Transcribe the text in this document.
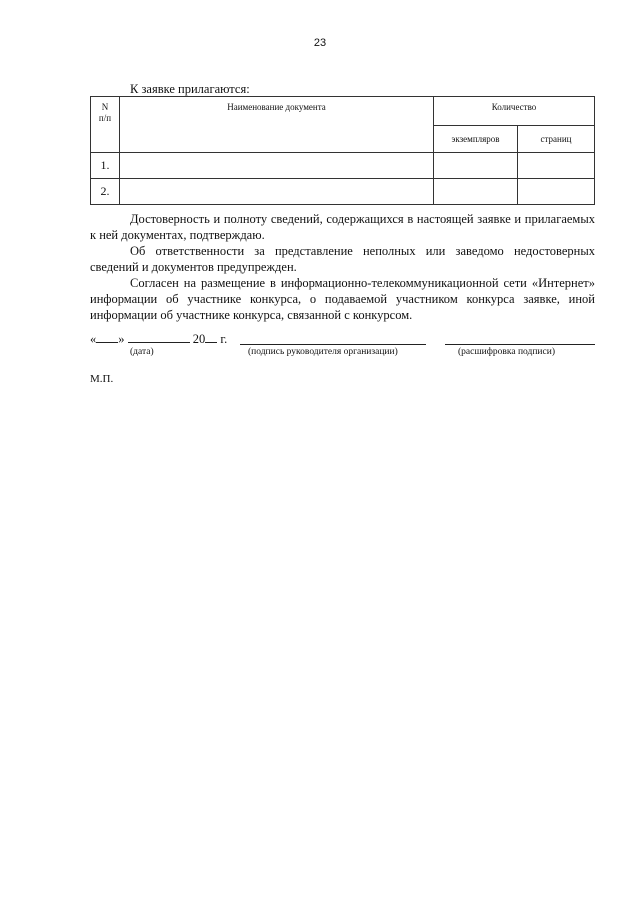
23
К заявке прилагаются:
N
п/п	Наименование документа	Количество	
		экземпляров	страниц
1.			
2.			

Достоверность и полноту сведений, содержащихся в настоящей заявке и прилагаемых к ней документах, подтверждаю.

Об ответственности за представление неполных или заведомо недостоверных сведений и документов предупрежден.

Согласен на размещение в информационно-телекоммуникационной сети «Интернет» информации об участнике конкурса, о подаваемой участником конкурса заявке, иной информации об участнике конкурса, связанной с конкурсом.

« »	20 г.
(дата)	(подпись руководителя организации)	(расшифровка подписи)
М.П.
